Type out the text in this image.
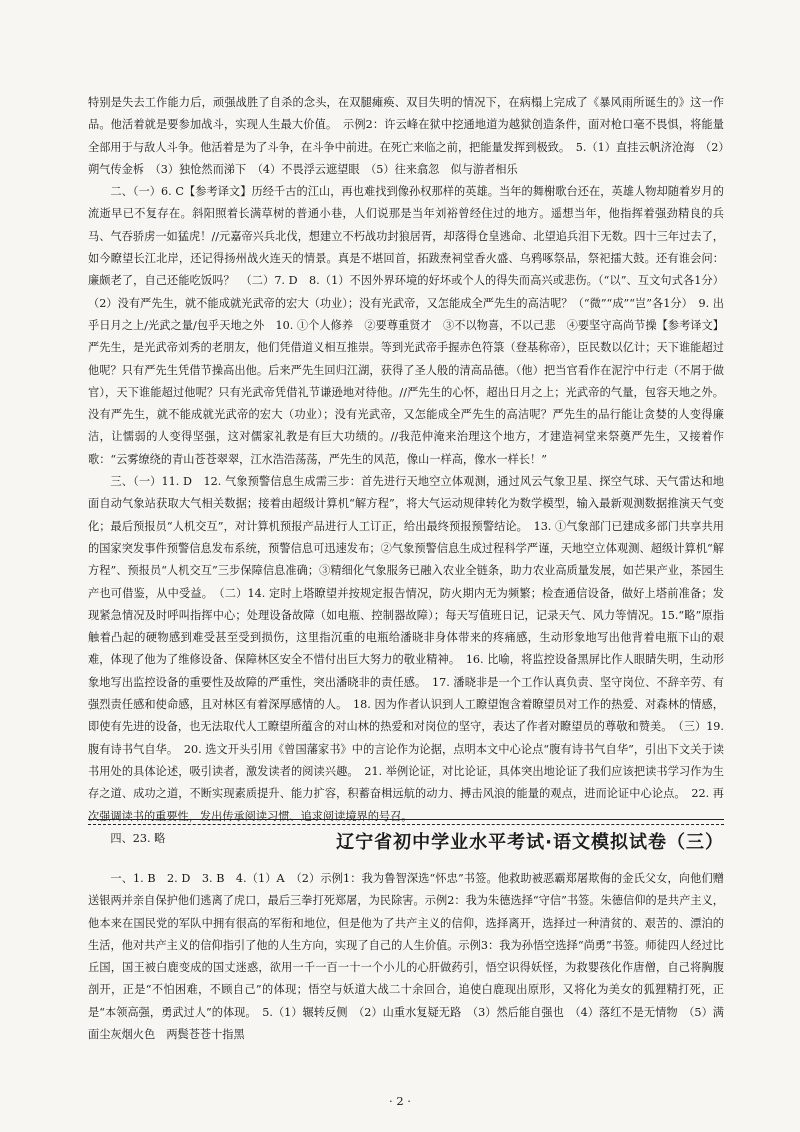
特别是失去工作能力后，顽强战胜了自杀的念头，在双腿瘫痪、双目失明的情况下，在病榻上完成了《暴风雨所诞生的》这一作品。他活着就是要参加战斗，实现人生最大价值。　示例2：许云峰在狱中挖通地道为越狱创造条件，面对枪口毫不畏惧，将能量全部用于与敌人斗争。他活着是为了斗争，在斗争中前进。在死亡来临之前，把能量发挥到极致。　5.（1）直挂云帆济沧海　（2）朔气传金柝　（3）独怆然而涕下　（4）不畏浮云遮望眼　（5）往来翕忽　似与游者相乐

二、（一）6. C【参考译文】历经千古的江山，再也难找到像孙权那样的英雄。当年的舞榭歌台还在，英雄人物却随着岁月的流逝早已不复存在。斜阳照着长满草树的普通小巷，人们说那是当年刘裕曾经住过的地方。遥想当年，他指挥着强劲精良的兵马、气吞骄虏一如猛虎！//元嘉帝兴兵北伐，想建立不朽战功封狼居胥，却落得仓皇逃命、北望追兵泪下无数。四十三年过去了，如今瞭望长江北岸，还记得扬州战火连天的情景。真是不堪回首，拓跋焘祠堂香火盛、乌鸦啄祭品，祭祀擂大鼓。还有谁会问：廉颇老了，自己还能吃饭吗？　（二）7. D　8.（1）不因外界环境的好坏或个人的得失而高兴或悲伤。（“以”、互文句式各1分）（2）没有严先生，就不能成就光武帝的宏大（功业）；没有光武帝，又怎能成全严先生的高洁呢？（“微”“成”“岂”各1分）　9. 出乎日月之上/光武之量/包乎天地之外　10. ①个人修养　②要尊重贤才　③不以物喜，不以己悲　④要坚守高尚节操【参考译文】严先生，是光武帝刘秀的老朋友，他们凭借道义相互推崇。等到光武帝手握赤色符箓（登基称帝），臣民数以亿计；天下谁能超过他呢？只有严先生凭借节操高出他。后来严先生回归江湖，获得了圣人般的清高品德。（他）把当官看作在泥泞中行走（不屑于做官），天下谁能超过他呢？只有光武帝凭借礼节谦逊地对待他。//严先生的心怀，超出日月之上；光武帝的气量，包容天地之外。没有严先生，就不能成就光武帝的宏大（功业）；没有光武帝，又怎能成全严先生的高洁呢？严先生的品行能让贪婪的人变得廉洁，让懦弱的人变得坚强，这对儒家礼教是有巨大功绩的。//我范仲淹来治理这个地方，才建造祠堂来祭奠严先生，又接着作歌：“云雾缭绕的青山苍苍翠翠，江水浩浩荡荡，严先生的风范，像山一样高，像水一样长！”

三、（一）11. D　12. 气象预警信息生成需三步：首先进行天地空立体观测，通过风云气象卫星、探空气球、天气雷达和地面自动气象站获取大气相关数据；接着由超级计算机“解方程”，将大气运动规律转化为数学模型，输入最新观测数据推演天气变化；最后预报员“人机交互”，对计算机预报产品进行人工订正，给出最终预报预警结论。　13. ①气象部门已建成多部门共享共用的国家突发事件预警信息发布系统，预警信息可迅速发布；②气象预警信息生成过程科学严谨，天地空立体观测、超级计算机“解方程”、预报员“人机交互”三步保障信息准确；③精细化气象服务已融入农业全链条，助力农业高质量发展，如芒果产业，茶园生产也可借鉴，从中受益。　（二）14. 定时上塔瞭望并按规定报告情况，防火期内无为频繁；检查通信设备，做好上塔前准备；发现紧急情况及时呼叫指挥中心；处理设备故障（如电瓶、控制器故障）；每天写值班日记，记录天气、风力等情况。15.“略”原指触着凸起的硬物感到难受甚至受到损伤，这里指沉重的电瓶给潘晓非身体带来的疼痛感，生动形象地写出他背着电瓶下山的艰难，体现了他为了维修设备、保障林区安全不惜付出巨大努力的敬业精神。　16. 比喻，将监控设备黑屏比作人眼睛失明，生动形象地写出监控设备的重要性及故障的严重性，突出潘晓非的责任感。　17. 潘晓非是一个工作认真负责、坚守岗位、不辞辛劳、有强烈责任感和使命感，且对林区有着深厚感情的人。　18. 因为作者认识到人工瞭望饱含着瞭望员对工作的热爱、对森林的情感，即使有先进的设备，也无法取代人工瞭望所蕴含的对山林的热爱和对岗位的坚守，表达了作者对瞭望员的尊敬和赞美。　（三）19. 腹有诗书气自华。　20. 选文开头引用《曾国藩家书》中的言论作为论据，点明本文中心论点“腹有诗书气自华”，引出下文关于读书用处的具体论述，吸引读者，激发读者的阅读兴趣。　21. 举例论证，对比论证，具体突出地论证了我们应该把读书学习作为生存之道、成功之道，不断实现素质提升、能力扩容，积蓄奋楫远航的动力、搏击风浪的能量的观点，进而论证中心论点。　22. 再次强调读书的重要性，发出传承阅读习惯、追求阅读境界的号召。

四、23. 略	辽宁省初中学业水平考试·语文模拟试卷（三）

一、1. B　2. D　3. B　4.（1）A　（2）示例1：我为鲁智深选“怀忠”书签。他救助被恶霸郑屠欺侮的金氏父女，向他们赠送银两并亲自保护他们逃离了虎口，最后三拳打死郑屠，为民除害。示例2：我为朱德选择“守信”书签。朱德信仰的是共产主义，他本来在国民党的军队中拥有很高的军衔和地位，但是他为了共产主义的信仰，选择离开，选择过一种清贫的、艰苦的、漂泊的生活，他对共产主义的信仰指引了他的人生方向，实现了自己的人生价值。示例3：我为孙悟空选择“尚勇”书签。师徒四人经过比丘国，国王被白鹿变成的国丈迷惑，欲用一千一百一十一个小儿的心肝做药引，悟空识得妖怪，为救婴孩化作唐僧，自己将胸腹剖开，正是“不怕困难，不顾自己”的体现；悟空与妖道大战二十余回合，追使白鹿现出原形，又将化为美女的狐狸精打死，正是“本领高强，勇武过人”的体现。　5.（1）辗转反侧　（2）山重水复疑无路　（3）然后能自强也　（4）落红不是无情物　（5）满面尘灰烟火色　两鬓苍苍十指黑

· 2 ·
